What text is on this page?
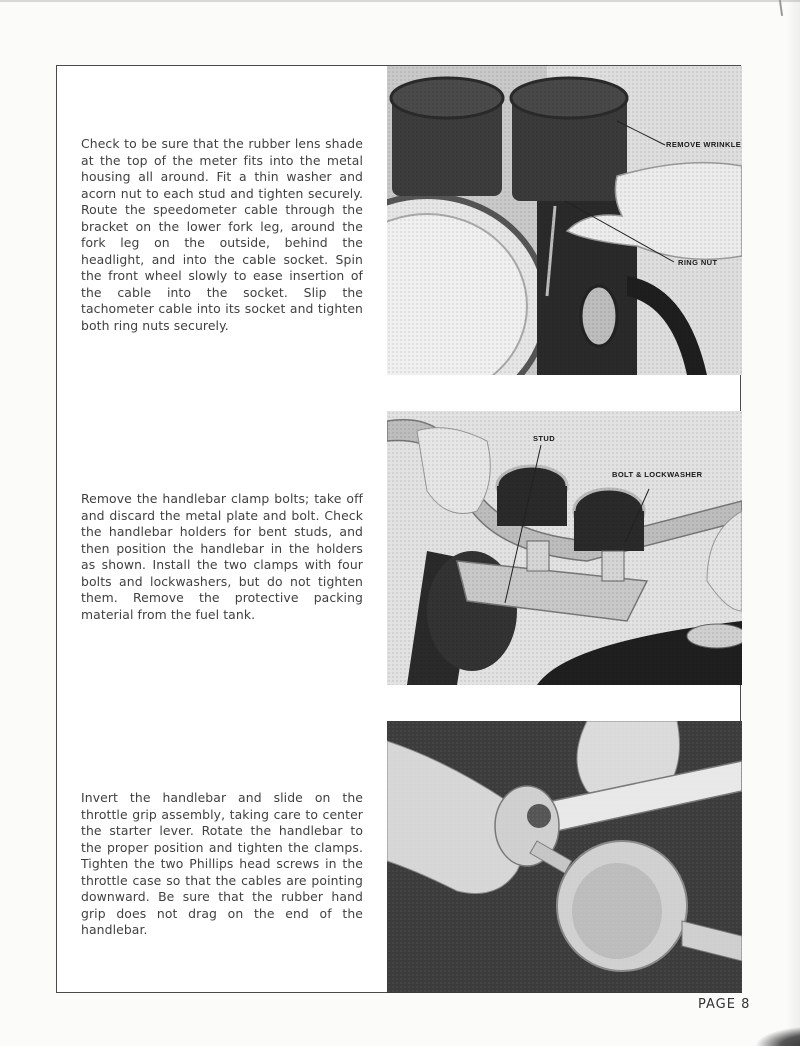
Check to be sure that the rubber lens shade at the top of the meter fits into the metal housing all around. Fit a thin washer and acorn nut to each stud and tighten securely. Route the speedometer cable through the bracket on the lower fork leg, around the fork leg on the outside, behind the headlight, and into the cable socket. Spin the front wheel slowly to ease insertion of the cable into the socket. Slip the tachometer cable into its socket and tighten both ring nuts securely.

REMOVE WRINKLE
RING NUT

Remove the handlebar clamp bolts; take off and discard the metal plate and bolt. Check the handlebar holders for bent studs, and then position the handlebar in the holders as shown. Install the two clamps with four bolts and lockwashers, but do not tighten them. Remove the protective packing material from the fuel tank.

STUD
BOLT & LOCKWASHER

Invert the handlebar and slide on the throttle grip assembly, taking care to center the starter lever. Rotate the handlebar to the proper position and tighten the clamps. Tighten the two Phillips head screws in the throttle case so that the cables are pointing downward. Be sure that the rubber hand grip does not drag on the end of the handlebar.

PAGE 8
